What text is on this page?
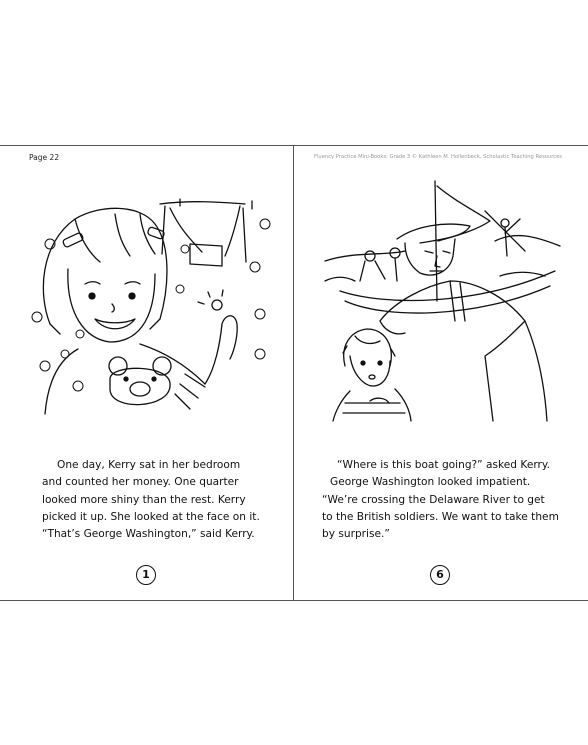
Page 22	Fluency Practice Mini-Books: Grade 3 © Kathleen M. Hollenbeck, Scholastic Teaching Resources

One day, Kerry sat in her bedroom

and counted her money. One quarter

looked more shiny than the rest. Kerry

picked it up. She looked at the face on it.

“That’s George Washington,” said Kerry.

1

“Where is this boat going?” asked Kerry.

George Washington looked impatient.

“We’re crossing the Delaware River to get

to the British soldiers. We want to take them

by surprise.”

6
